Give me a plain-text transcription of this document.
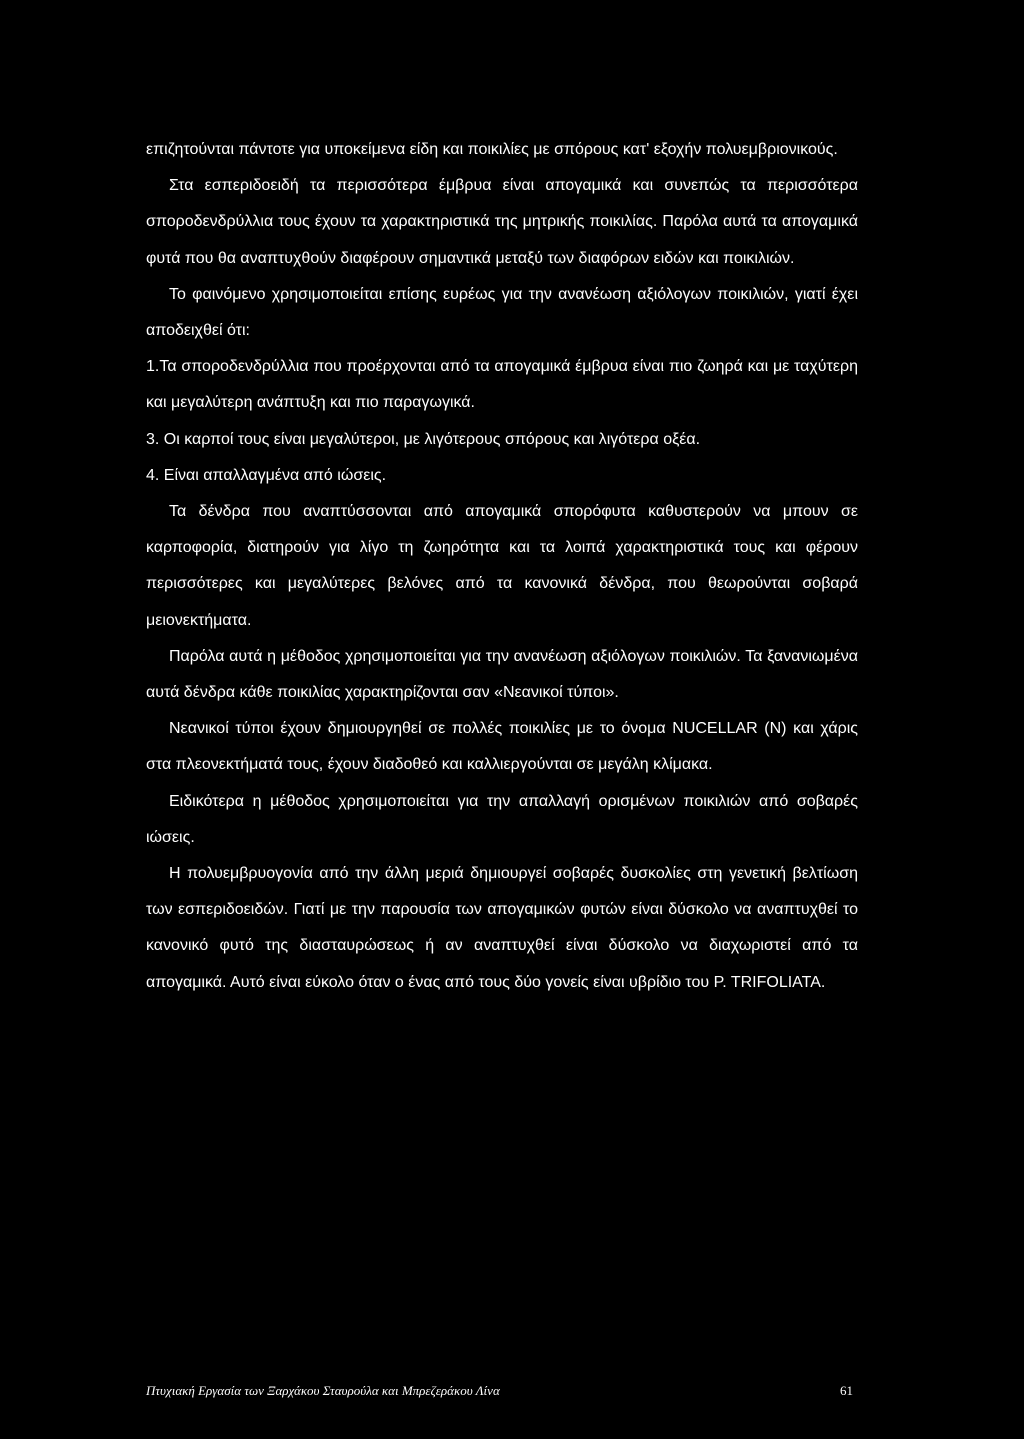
επιζητούνται πάντοτε για υποκείμενα είδη και ποικιλίες με σπόρους κατ' εξοχήν πολυεμβριονικούς.

Στα εσπεριδοειδή τα περισσότερα έμβρυα είναι απογαμικά και συνεπώς τα περισσότερα σποροδενδρύλλια τους έχουν τα χαρακτηριστικά της μητρικής ποικιλίας. Παρόλα αυτά τα απογαμικά φυτά που θα αναπτυχθούν διαφέρουν σημαντικά μεταξύ των διαφόρων ειδών και ποικιλιών.

Το φαινόμενο χρησιμοποιείται επίσης ευρέως για την ανανέωση αξιόλογων ποικιλιών, γιατί έχει αποδειχθεί ότι:

1.Τα σποροδενδρύλλια που προέρχονται από τα απογαμικά έμβρυα είναι πιο ζωηρά και με ταχύτερη και μεγαλύτερη ανάπτυξη και πιο παραγωγικά.

3. Οι καρποί τους είναι μεγαλύτεροι, με λιγότερους σπόρους και λιγότερα οξέα.

4. Είναι απαλλαγμένα από ιώσεις.

Τα δένδρα που αναπτύσσονται από απογαμικά σπορόφυτα καθυστερούν να μπουν σε καρποφορία, διατηρούν για λίγο τη ζωηρότητα και τα λοιπά χαρακτηριστικά τους και φέρουν περισσότερες και μεγαλύτερες βελόνες από τα κανονικά δένδρα, που θεωρούνται σοβαρά μειονεκτήματα.

Παρόλα αυτά η μέθοδος χρησιμοποιείται για την ανανέωση αξιόλογων ποικιλιών. Τα ξανανιωμένα αυτά δένδρα κάθε ποικιλίας χαρακτηρίζονται σαν «Νεανικοί τύποι».

Νεανικοί τύποι έχουν δημιουργηθεί σε πολλές ποικιλίες με το όνομα NUCELLAR (N) και χάρις στα πλεονεκτήματά τους, έχουν διαδοθεό και καλλιεργούνται σε μεγάλη κλίμακα.

Ειδικότερα η μέθοδος χρησιμοποιείται για την απαλλαγή ορισμένων ποικιλιών από σοβαρές ιώσεις.

Η πολυεμβρυογονία από την άλλη μεριά δημιουργεί σοβαρές δυσκολίες στη γενετική βελτίωση των εσπεριδοειδών. Γιατί με την παρουσία των απογαμικών φυτών είναι δύσκολο να αναπτυχθεί το κανονικό φυτό της διασταυρώσεως ή αν αναπτυχθεί είναι δύσκολο να διαχωριστεί από τα απογαμικά. Αυτό είναι εύκολο όταν ο ένας από τους δύο γονείς είναι υβρίδιο του P. TRIFOLIATA.

Πτυχιακή Εργασία των Ξαρχάκου Σταυρούλα και Μπρεζεράκου Λίνα	61
